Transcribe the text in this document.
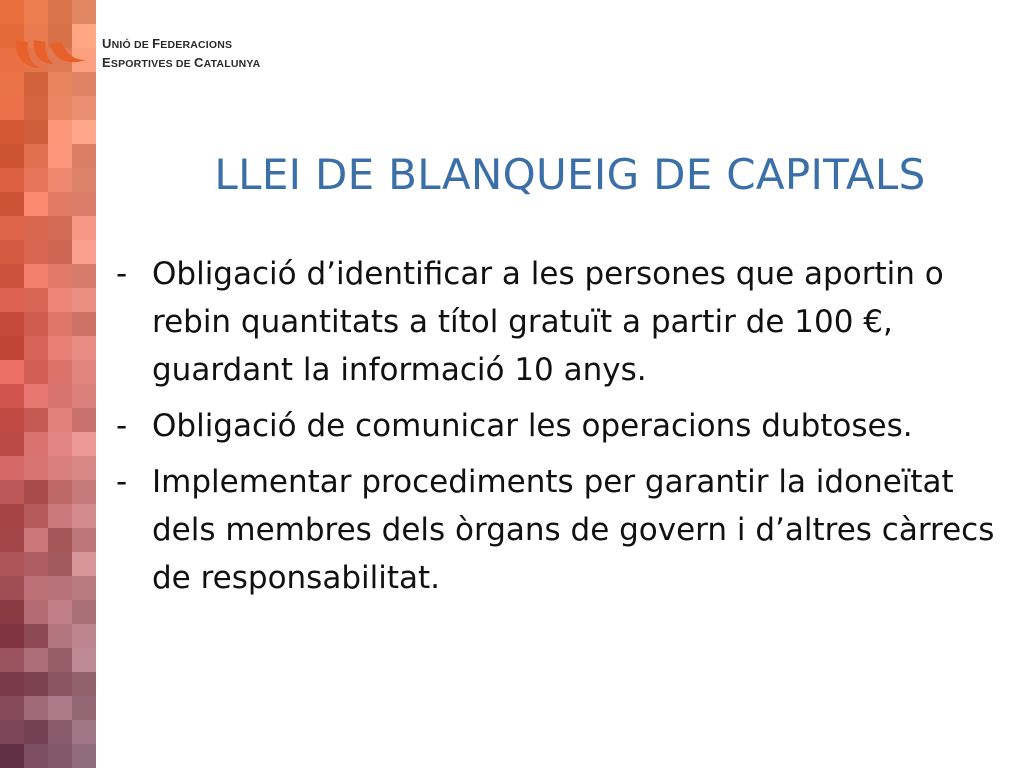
UNIÓ DE FEDERACIONS
ESPORTIVES DE CATALUNYA
LLEI DE BLANQUEIG DE CAPITALS
- Obligació d’identificar a les persones que aportin o rebin quantitats a títol gratuït a partir de 100 €, guardant la informació 10 anys.
- Obligació de comunicar les operacions dubtoses.
- Implementar procediments per garantir la idoneïtat dels membres dels òrgans de govern i d’altres càrrecs de responsabilitat.
